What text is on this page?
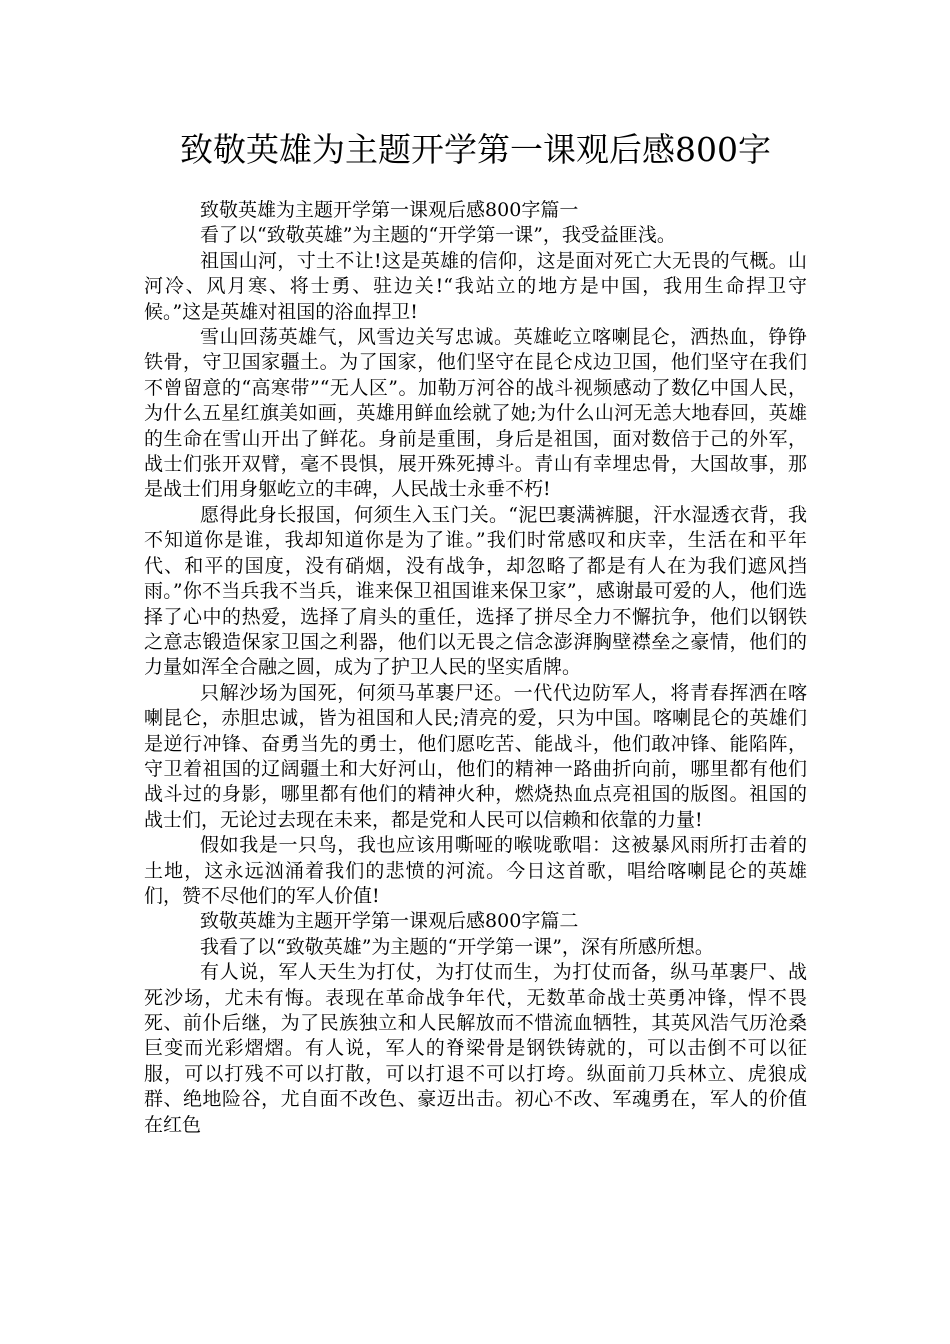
致敬英雄为主题开学第一课观后感800字

致敬英雄为主题开学第一课观后感800字篇一

看了以“致敬英雄”为主题的“开学第一课”，我受益匪浅。

祖国山河，寸土不让!这是英雄的信仰，这是面对死亡大无畏的气概。山河冷、风月寒、将士勇、驻边关!“我站立的地方是中国，我用生命捍卫守候。”这是英雄对祖国的浴血捍卫!

雪山回荡英雄气，风雪边关写忠诚。英雄屹立喀喇昆仑，洒热血，铮铮铁骨，守卫国家疆土。为了国家，他们坚守在昆仑戍边卫国，他们坚守在我们不曾留意的“高寒带”“无人区”。加勒万河谷的战斗视频感动了数亿中国人民，为什么五星红旗美如画，英雄用鲜血绘就了她;为什么山河无恙大地春回，英雄的生命在雪山开出了鲜花。身前是重围，身后是祖国，面对数倍于己的外军，战士们张开双臂，毫不畏惧，展开殊死搏斗。青山有幸埋忠骨，大国故事，那是战士们用身躯屹立的丰碑，人民战士永垂不朽!

愿得此身长报国，何须生入玉门关。“泥巴裹满裤腿，汗水湿透衣背，我不知道你是谁，我却知道你是为了谁。”我们时常感叹和庆幸，生活在和平年代、和平的国度，没有硝烟，没有战争，却忽略了都是有人在为我们遮风挡雨。”你不当兵我不当兵，谁来保卫祖国谁来保卫家”，感谢最可爱的人，他们选择了心中的热爱，选择了肩头的重任，选择了拼尽全力不懈抗争，他们以钢铁之意志锻造保家卫国之利器，他们以无畏之信念澎湃胸壁襟垒之豪情，他们的力量如浑全合融之圆，成为了护卫人民的坚实盾牌。

只解沙场为国死，何须马革裹尸还。一代代边防军人，将青春挥洒在喀喇昆仑，赤胆忠诚，皆为祖国和人民;清亮的爱，只为中国。喀喇昆仑的英雄们是逆行冲锋、奋勇当先的勇士，他们愿吃苦、能战斗，他们敢冲锋、能陷阵，守卫着祖国的辽阔疆土和大好河山，他们的精神一路曲折向前，哪里都有他们战斗过的身影，哪里都有他们的精神火种，燃烧热血点亮祖国的版图。祖国的战士们，无论过去现在未来，都是党和人民可以信赖和依靠的力量!

假如我是一只鸟，我也应该用嘶哑的喉咙歌唱：这被暴风雨所打击着的土地，这永远汹涌着我们的悲愤的河流。今日这首歌，唱给喀喇昆仑的英雄们，赞不尽他们的军人价值!

致敬英雄为主题开学第一课观后感800字篇二

我看了以“致敬英雄”为主题的“开学第一课”，深有所感所想。

有人说，军人天生为打仗，为打仗而生，为打仗而备，纵马革裹尸、战死沙场，尤未有悔。表现在革命战争年代，无数革命战士英勇冲锋，悍不畏死、前仆后继，为了民族独立和人民解放而不惜流血牺牲，其英风浩气历沧桑巨变而光彩熠熠。有人说，军人的脊梁骨是钢铁铸就的，可以击倒不可以征服，可以打残不可以打散，可以打退不可以打垮。纵面前刀兵林立、虎狼成群、绝地险谷，尤自面不改色、豪迈出击。初心不改、军魂勇在，军人的价值在红色
